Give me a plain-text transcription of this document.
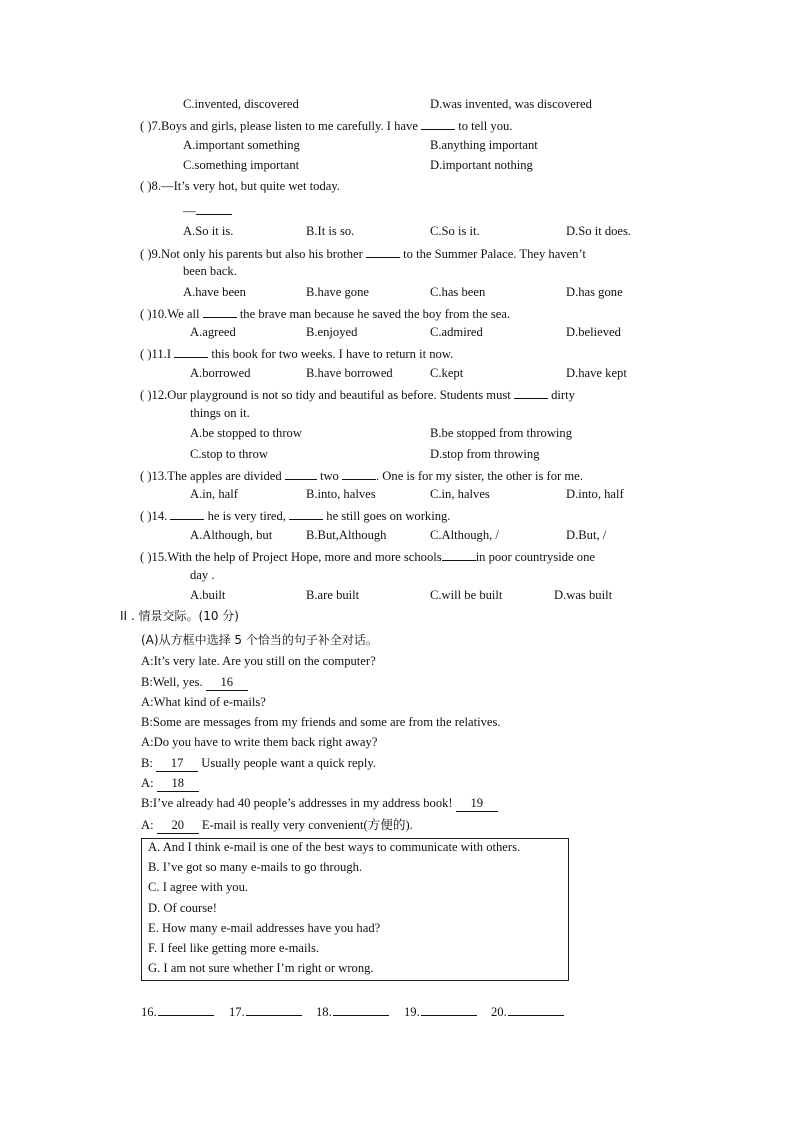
C.invented, discovered	D.was invented, was discovered
( )7.Boys and girls, please listen to me carefully. I have	to tell you.
A.important something	B.anything important
C.something important	D.important nothing
( )8.—It’s very hot, but quite wet today.
—
A.So it is.	B.It is so.	C.So is it.	D.So it does.
( )9.Not only his parents but also his brother	to the Summer Palace. They haven’t
been back.
A.have been	B.have gone	C.has been	D.has gone
( )10.We all	the brave man because he saved the boy from the sea.
A.agreed	B.enjoyed	C.admired	D.believed
( )11.I	this book for two weeks. I have to return it now.
A.borrowed	B.have borrowed	C.kept	D.have kept
( )12.Our playground is not so tidy and beautiful as before. Students must	dirty
things on it.
A.be stopped to throw	B.be stopped from throwing
C.stop to throw	D.stop from throwing
( )13.The apples are divided	two	. One is for my sister, the other is for me.
A.in, half	B.into, halves	C.in, halves	D.into, half
( )14.	he is very tired,	he still goes on working.
A.Although, but	B.But,Although	C.Although, /	D.But, /
( )15.With the help of Project Hope, more and more schools	in poor countryside one
day .
A.built	B.are built	C.will be built	D.was built
II . 情景交际。(10 分)
(A)从方框中选择 5 个恰当的句子补全对话。
A:It’s very late. Are you still on the computer?
B:Well, yes. 16
A:What kind of e-mails?
B:Some are messages from my friends and some are from the relatives.
A:Do you have to write them back right away?
B: 17 Usually people want a quick reply.
A: 18
B:I’ve already had 40 people’s addresses in my address book! 19
A: 20 E-mail is really very convenient(方便的).
A. And I think e-mail is one of the best ways to communicate with others.
B. I’ve got so many e-mails to go through.
C. I agree with you.
D. Of course!
E. How many e-mail addresses have you had?
F. I feel like getting more e-mails.
G. I am not sure whether I’m right or wrong.
16.	17.	18.	19.	20.
